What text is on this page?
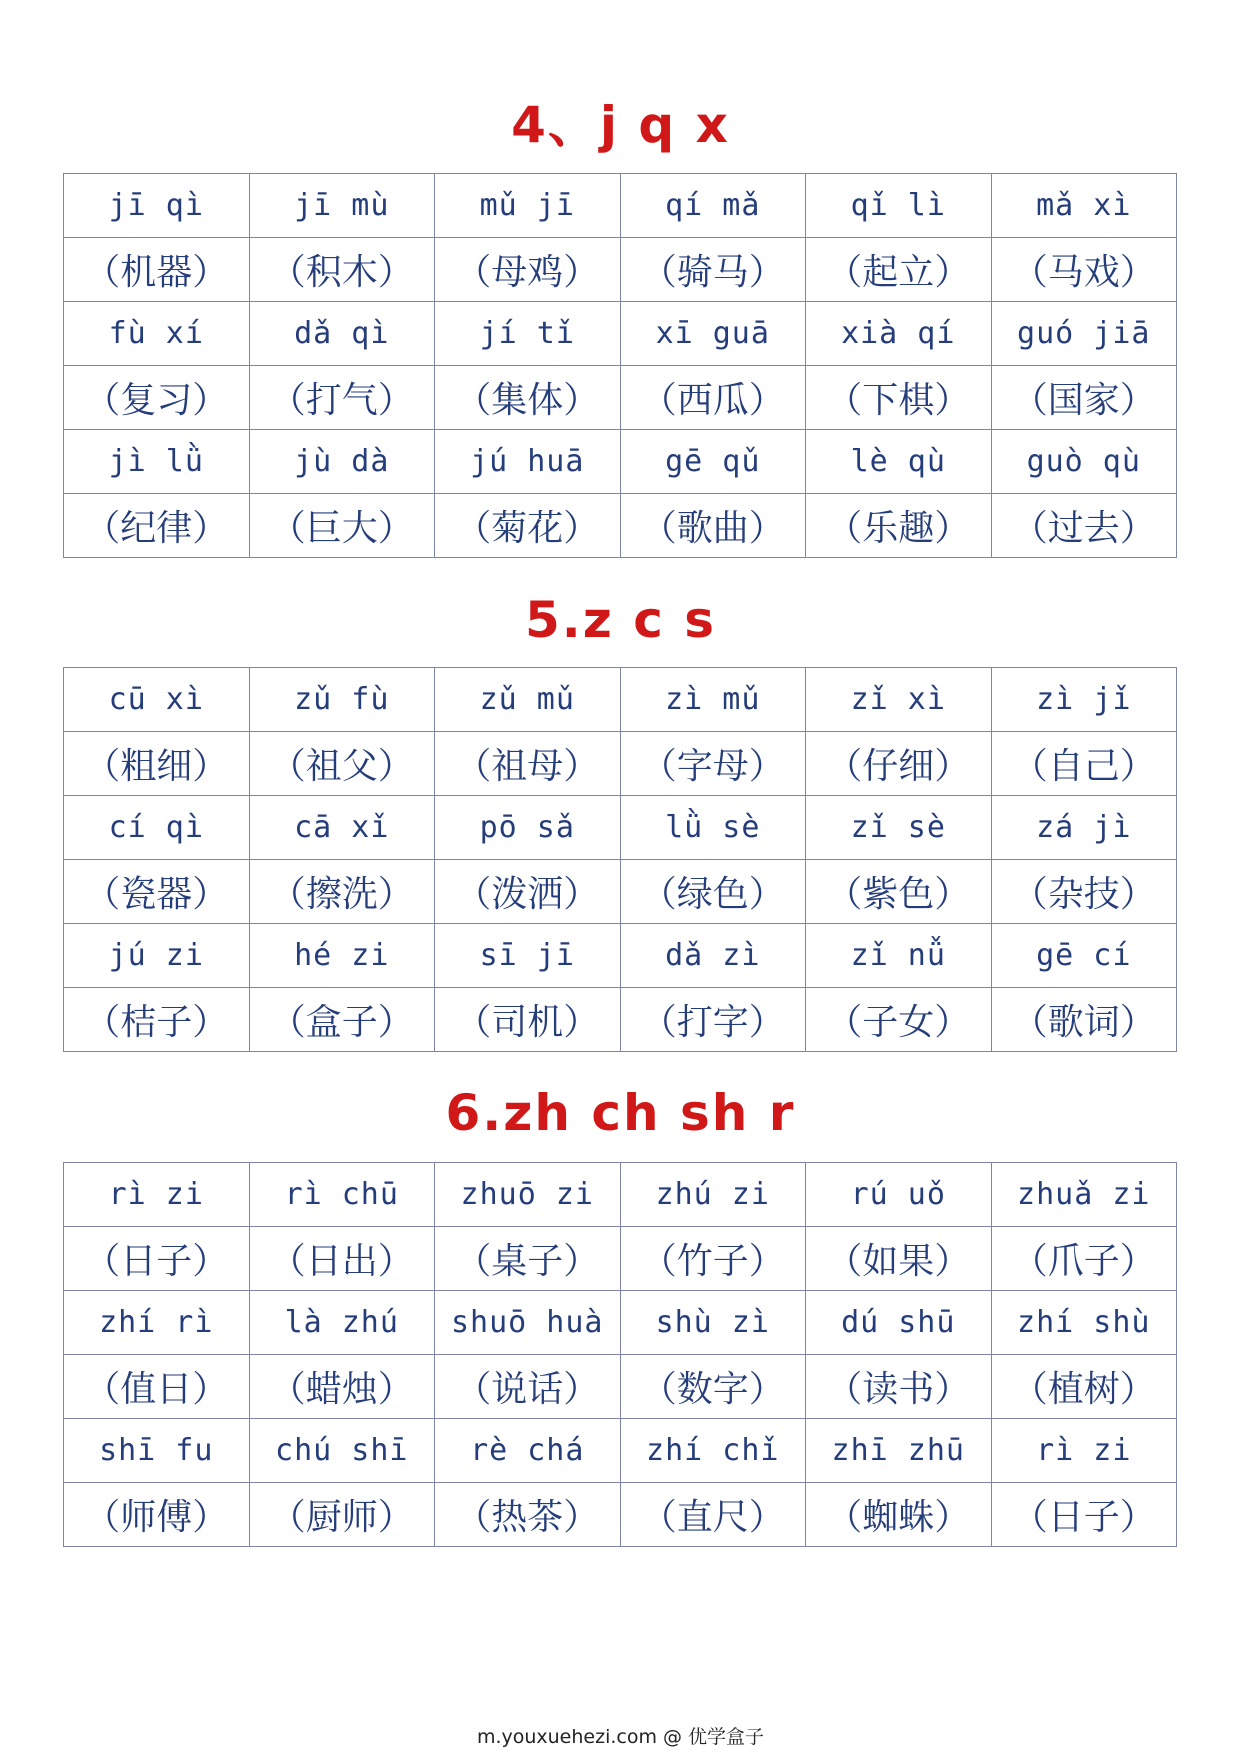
4、j q x
jī qì	jī mù	mǔ jī	qí mǎ	qǐ lì	mǎ xì
（机器）	（积木）	（母鸡）	（骑马）	（起立）	（马戏）
fù xí	dǎ qì	jí tǐ	xī guā	xià qí	guó jiā
（复习）	（打气）	（集体）	（西瓜）	（下棋）	（国家）
jì lǜ	jù dà	jú huā	gē qǔ	lè qù	guò qù
（纪律）	（巨大）	（菊花）	（歌曲）	（乐趣）	（过去）
5.z c s
cū xì	zǔ fù	zǔ mǔ	zì mǔ	zǐ xì	zì jǐ
（粗细）	（祖父）	（祖母）	（字母）	（仔细）	（自己）
cí qì	cā xǐ	pō sǎ	lǜ sè	zǐ sè	zá jì
（瓷器）	（擦洗）	（泼洒）	（绿色）	（紫色）	（杂技）
jú zi	hé zi	sī jī	dǎ zì	zǐ nǚ	gē cí
（桔子）	（盒子）	（司机）	（打字）	（子女）	（歌词）
6.zh ch sh r
rì zi	rì chū	zhuō zi	zhú zi	rú uǒ	zhuǎ zi
（日子）	（日出）	（桌子）	（竹子）	（如果）	（爪子）
zhí rì	là zhú	shuō huà	shù zì	dú shū	zhí shù
（值日）	（蜡烛）	（说话）	（数字）	（读书）	（植树）
shī fu	chú shī	rè chá	zhí chǐ	zhī zhū	rì zi
（师傅）	（厨师）	（热茶）	（直尺）	（蜘蛛）	（日子）
m.youxuehezi.com @ 优学盒子
